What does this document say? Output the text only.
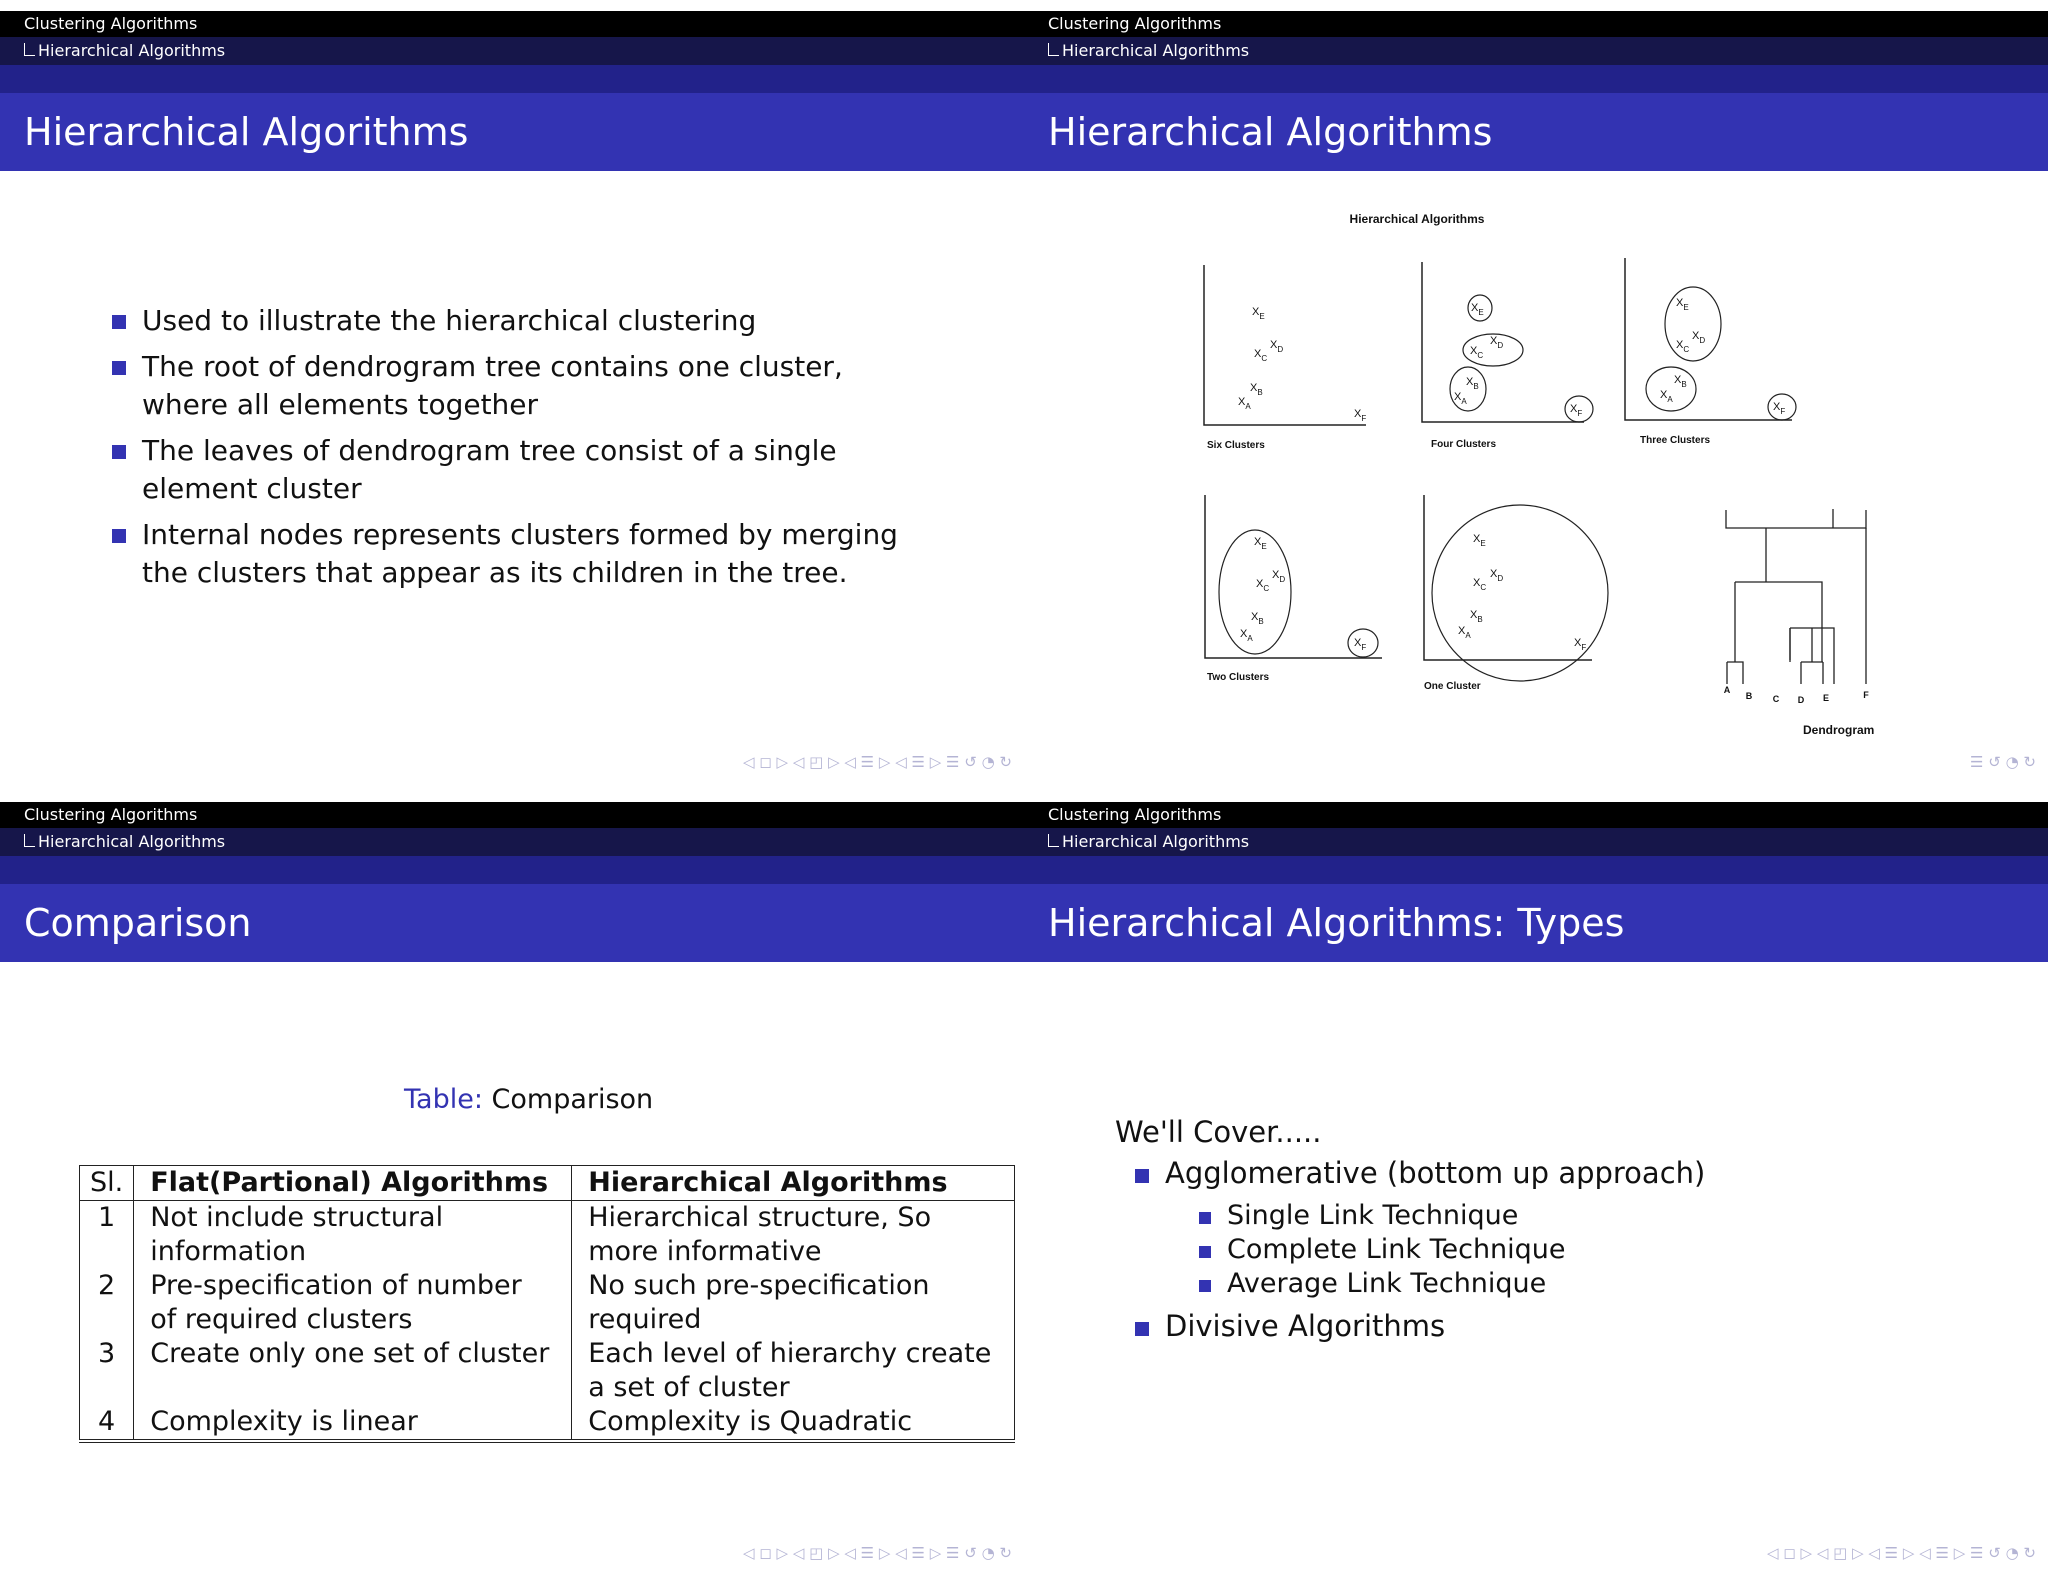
Clustering Algorithms
Hierarchical Algorithms
Hierarchical Algorithms
Used to illustrate the hierarchical clustering
The root of dendrogram tree contains one cluster, where all elements together
The leaves of dendrogram tree consist of a single element cluster
Internal nodes represents clusters formed by merging the clusters that appear as its children in the tree.
◁ ◻ ▷ ◁ ◰ ▷ ◁ ☰ ▷ ◁ ☰ ▷ ☰ ↺ ◔ ↻
Clustering Algorithms
Hierarchical Algorithms
Hierarchical Algorithms
Hierarchical Algorithms
$X_E$
$X_C$
$X_D$
$X_B$
$X_A$
$X_F$
Six Clusters
$X_E$
$X_C$
$X_D$
$X_B$
$X_A$
$X_F$
Four Clusters
$X_E$
$X_C$
$X_D$
$X_B$
$X_A$
$X_F$
Three Clusters
$X_E$
$X_C$
$X_D$
$X_B$
$X_A$	$X_F$
Two Clusters
$X_E$
$X_C$
$X_D$
$X_B$
$X_A$
$X_F$
One Cluster	A
B C D E	F
Dendrogram
☰ ↺ ◔ ↻
Clustering Algorithms
Hierarchical Algorithms
Comparison
◁ ◻ ▷ ◁ ◰ ▷ ◁ ☰ ▷ ◁ ☰ ▷ ☰ ↺ ◔ ↻
Table: Comparison
Sl.	Flat(Partional) Algorithms	Hierarchical Algorithms
1	Not include structural information	Hierarchical structure, So more informative
2	Pre-specification of number of required clusters	No such pre-specification required
3	Create only one set of cluster	Each level of hierarchy create a set of cluster
4	Complexity is linear	Complexity is Quadratic
Clustering Algorithms
Hierarchical Algorithms
Hierarchical Algorithms: Types
◁ ◻ ▷ ◁ ◰ ▷ ◁ ☰ ▷ ◁ ☰ ▷ ☰ ↺ ◔ ↻
We'll Cover.....
Agglomerative (bottom up approach)
Single Link Technique
Complete Link Technique
Average Link Technique
Divisive Algorithms
